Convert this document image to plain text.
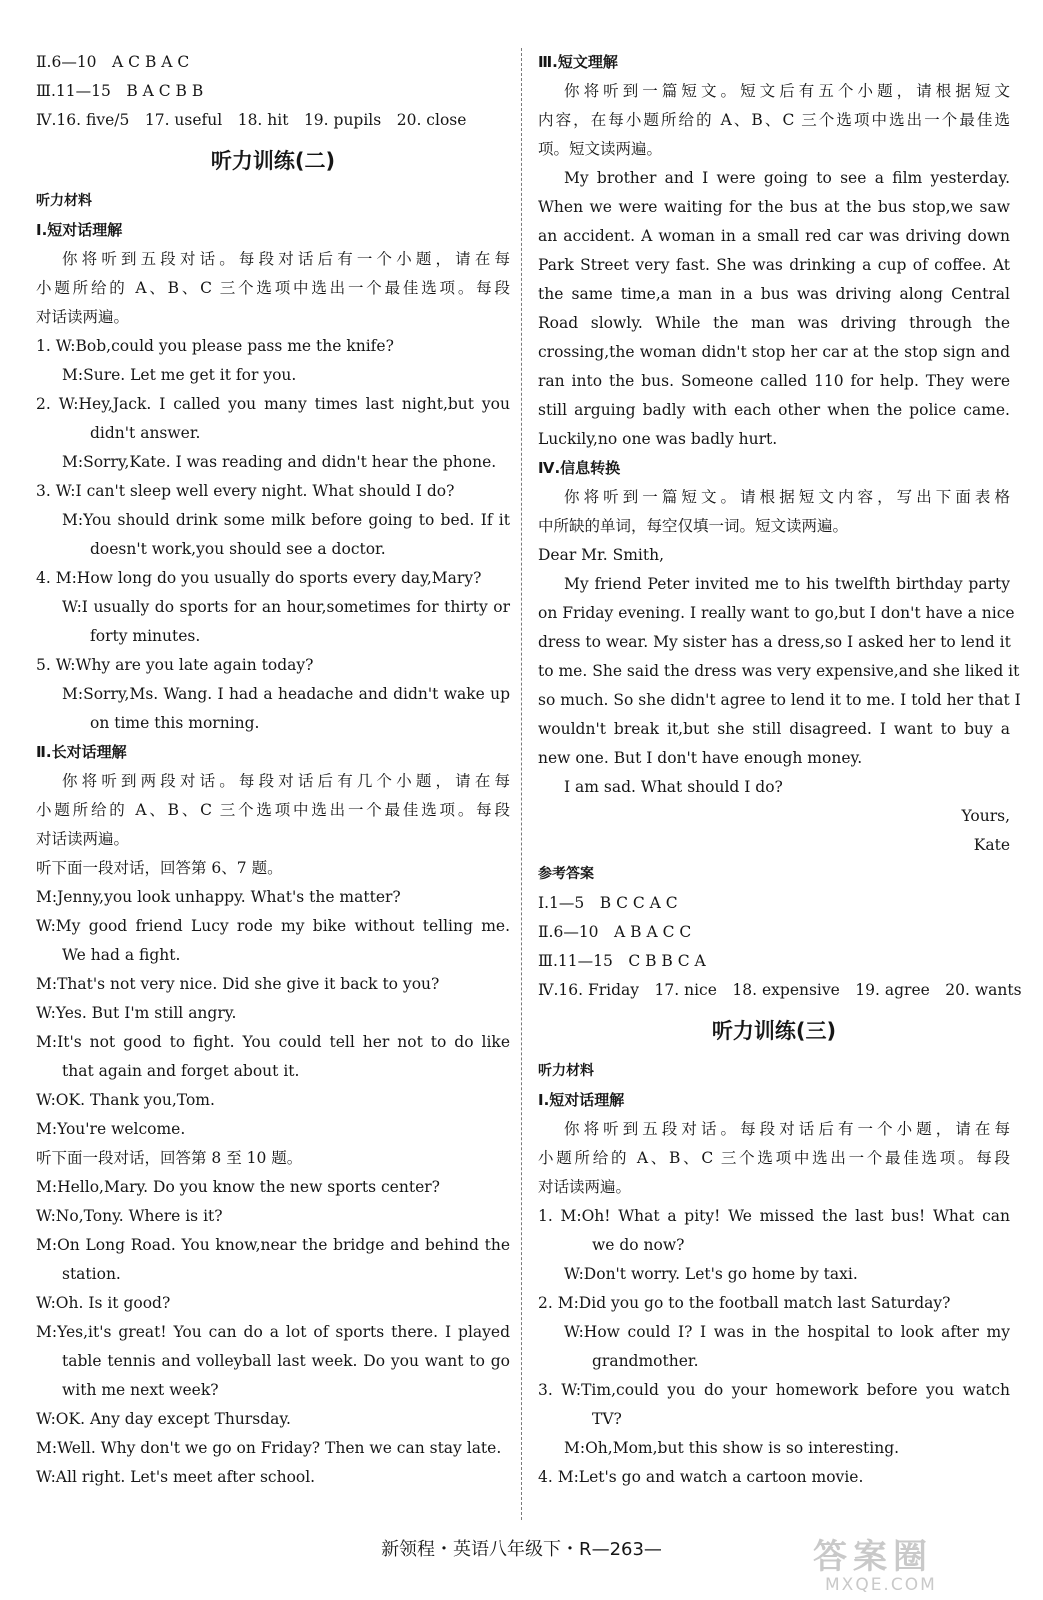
Ⅱ.6—10　A C B A C
Ⅲ.11—15　B A C B B
Ⅳ.16. five/5　17. useful　18. hit　19. pupils　20. close
听力训练(二)
听力材料
Ⅰ.短对话理解
你将听到五段对话。每段对话后有一个小题，请在每
小题所给的 A、B、C 三个选项中选出一个最佳选项。每段
对话读两遍。
1. W:Bob,could you please pass me the knife?
M:Sure. Let me get it for you.
2. W:Hey,Jack. I called you many times last night,but you
didn't answer.
M:Sorry,Kate. I was reading and didn't hear the phone.
3. W:I can't sleep well every night. What should I do?
M:You should drink some milk before going to bed. If it
doesn't work,you should see a doctor.
4. M:How long do you usually do sports every day,Mary?
W:I usually do sports for an hour,sometimes for thirty or
forty minutes.
5. W:Why are you late again today?
M:Sorry,Ms. Wang. I had a headache and didn't wake up
on time this morning.
Ⅱ.长对话理解
你将听到两段对话。每段对话后有几个小题，请在每
小题所给的 A、B、C 三个选项中选出一个最佳选项。每段
对话读两遍。
听下面一段对话，回答第 6、7 题。
M:Jenny,you look unhappy. What's the matter?
W:My good friend Lucy rode my bike without telling me.
We had a fight.
M:That's not very nice. Did she give it back to you?
W:Yes. But I'm still angry.
M:It's not good to fight. You could tell her not to do like
that again and forget about it.
W:OK. Thank you,Tom.
M:You're welcome.
听下面一段对话，回答第 8 至 10 题。
M:Hello,Mary. Do you know the new sports center?
W:No,Tony. Where is it?
M:On Long Road. You know,near the bridge and behind the
station.
W:Oh. Is it good?
M:Yes,it's great! You can do a lot of sports there. I played
table tennis and volleyball last week. Do you want to go
with me next week?
W:OK. Any day except Thursday.
M:Well. Why don't we go on Friday? Then we can stay late.
W:All right. Let's meet after school.
Ⅲ.短文理解
你将听到一篇短文。短文后有五个小题，请根据短文
内容，在每小题所给的 A、B、C 三个选项中选出一个最佳选
项。短文读两遍。
My brother and I were going to see a film yesterday.
When we were waiting for the bus at the bus stop,we saw
an accident. A woman in a small red car was driving down
Park Street very fast. She was drinking a cup of coffee. At
the same time,a man in a bus was driving along Central
Road slowly. While the man was driving through the
crossing,the woman didn't stop her car at the stop sign and
ran into the bus. Someone called 110 for help. They were
still arguing badly with each other when the police came.
Luckily,no one was badly hurt.
Ⅳ.信息转换
你将听到一篇短文。请根据短文内容，写出下面表格
中所缺的单词，每空仅填一词。短文读两遍。
Dear Mr. Smith,
My friend Peter invited me to his twelfth birthday party
on Friday evening. I really want to go,but I don't have a nice
dress to wear. My sister has a dress,so I asked her to lend it
to me. She said the dress was very expensive,and she liked it
so much. So she didn't agree to lend it to me. I told her that I
wouldn't break it,but she still disagreed. I want to buy a
new one. But I don't have enough money.
I am sad. What should I do?
Yours,
Kate
参考答案
Ⅰ.1—5　B C C A C
Ⅱ.6—10　A B A C C
Ⅲ.11—15　C B B C A
Ⅳ.16. Friday　17. nice　18. expensive　19. agree　20. wants
听力训练(三)
听力材料
Ⅰ.短对话理解
你将听到五段对话。每段对话后有一个小题，请在每
小题所给的 A、B、C 三个选项中选出一个最佳选项。每段
对话读两遍。
1. M:Oh! What a pity! We missed the last bus! What can
we do now?
W:Don't worry. Let's go home by taxi.
2. M:Did you go to the football match last Saturday?
W:How could I? I was in the hospital to look after my
grandmother.
3. W:Tim,could you do your homework before you watch
TV?
M:Oh,Mom,but this show is so interesting.
4. M:Let's go and watch a cartoon movie.
新领程・英语八年级下・R—263—	答案圈
MXQE.COM
